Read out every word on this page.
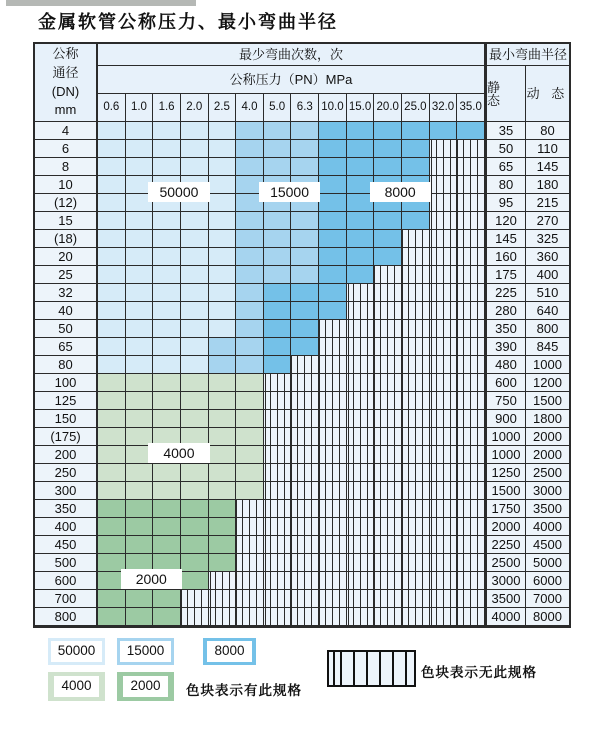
金属软管公称压力、最小弯曲半径
公称
通径
(DN)
mm
最少弯曲次数，次	最小弯曲半径
公称压力（PN）MPa	静 态	动 态
0.6	1.0	1.6	2.0	2.5	4.0	5.0	6.3 10.0 15.0 20.0 25.0 32.0 35.0
4	35	80
6	50	110
8	65	145
10	80	180
(12)	95	215
15	120	270
(18)	145	325
20	160	360
25	175	400
32	225	510
40	280	640
50	350	800
65	390	845
80	480	1000
100	600	1200
125	750	1500
150	900	1800
(175)	1000 2000
200	1000 2000
250	1250 2500
300	1500 3000
350	1750 3500
400	2000 4000
450	2250 4500
500	2500 5000
600	3000 6000
700	3500 7000
800	4000 8000
色块表示有此规格
色块表示无此规格
50000	15000	8000
4000	2000
50000	15000	8000
4000
2000
